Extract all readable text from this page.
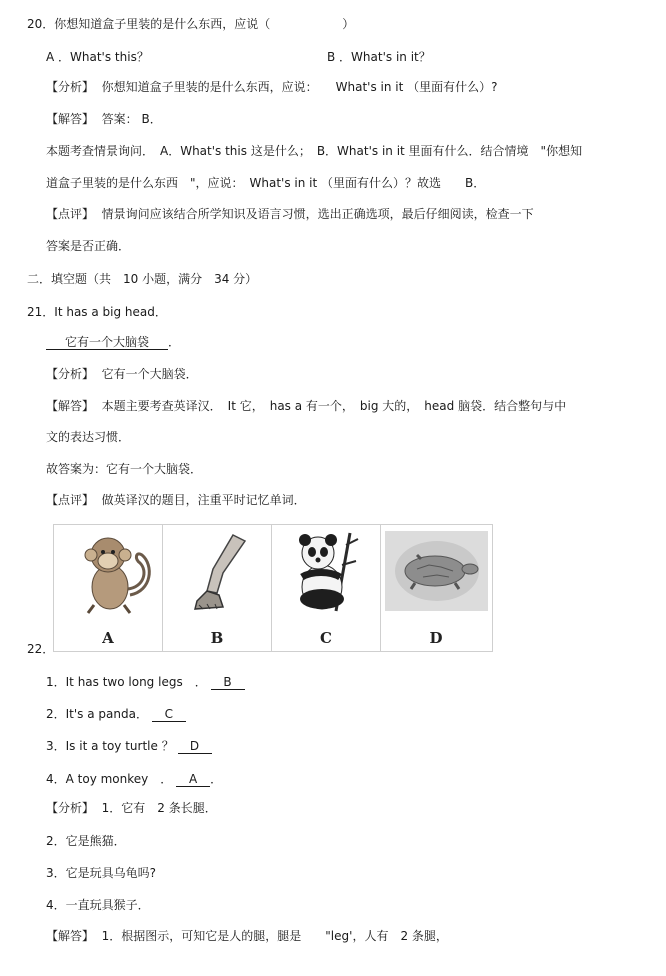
20．你想知道盒子里装的是什么东西，应说（　　　　　　）
A ．What's this？	B ．What's in it？
【分析】 你想知道盒子里装的是什么东西，应说：　　What's in it （里面有什么）?
【解答】 答案： B．
本题考查情景询问．　A．What's this 这是什么；　B．What's in it 里面有什么．结合情境　"你想知
道盒子里装的是什么东西　"，应说：　What's in it （里面有什么）？故选　　B．
【点评】 情景询问应该结合所学知识及语言习惯，选出正确选项，最后仔细阅读，检查一下
答案是否正确．
二．填空题（共　10 小题，满分　34 分）
21．It has a big head．
它有一个大脑袋 ．
【分析】 它有一个大脑袋．
【解答】 本题主要考查英译汉．　It 它，　has a 有一个，　big 大的，　head 脑袋．结合整句与中
文的表达习惯．
故答案为：它有一个大脑袋．
【点评】 做英译汉的题目，注重平时记忆单词．
A	B	C	D
22．
1．It has two long legs　． B
2．It's a panda． C
3．Is it a toy turtle ？ D
4．A toy monkey　． A ．
【分析】 1．它有　2 条长腿．
2．它是熊猫．
3．它是玩具乌龟吗?
4．一直玩具猴子．
【解答】 1．根据图示，可知它是人的腿，腿是　　"leg'，人有　2 条腿，
